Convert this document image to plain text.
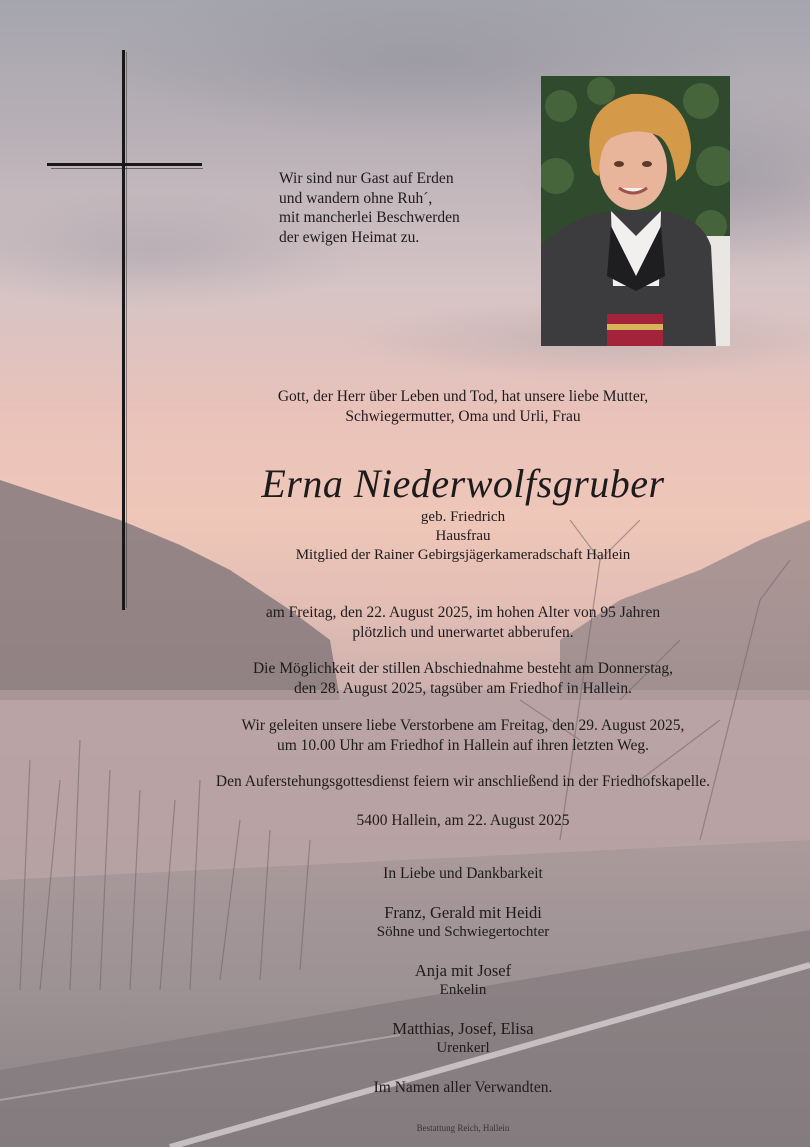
Wir sind nur Gast auf Erden
und wandern ohne Ruh´,
mit mancherlei Beschwerden
der ewigen Heimat zu.
Gott, der Herr über Leben und Tod, hat unsere liebe Mutter,
Schwiegermutter, Oma und Urli, Frau
Erna Niederwolfsgruber
geb. Friedrich
Hausfrau
Mitglied der Rainer Gebirgsjägerkameradschaft Hallein
am Freitag, den 22. August 2025, im hohen Alter von 95 Jahren
plötzlich und unerwartet abberufen.
Die Möglichkeit der stillen Abschiednahme besteht am Donnerstag,
den 28. August 2025, tagsüber am Friedhof in Hallein.
Wir geleiten unsere liebe Verstorbene am Freitag, den 29. August 2025,
um 10.00 Uhr am Friedhof in Hallein auf ihren letzten Weg.
Den Auferstehungsgottesdienst feiern wir anschließend in der Friedhofskapelle.
5400 Hallein, am 22. August 2025
In Liebe und Dankbarkeit
Franz, Gerald mit Heidi
Söhne und Schwiegertochter
Anja mit Josef
Enkelin
Matthias, Josef, Elisa
Urenkerl
Im Namen aller Verwandten.
Bestattung Reich, Hallein
